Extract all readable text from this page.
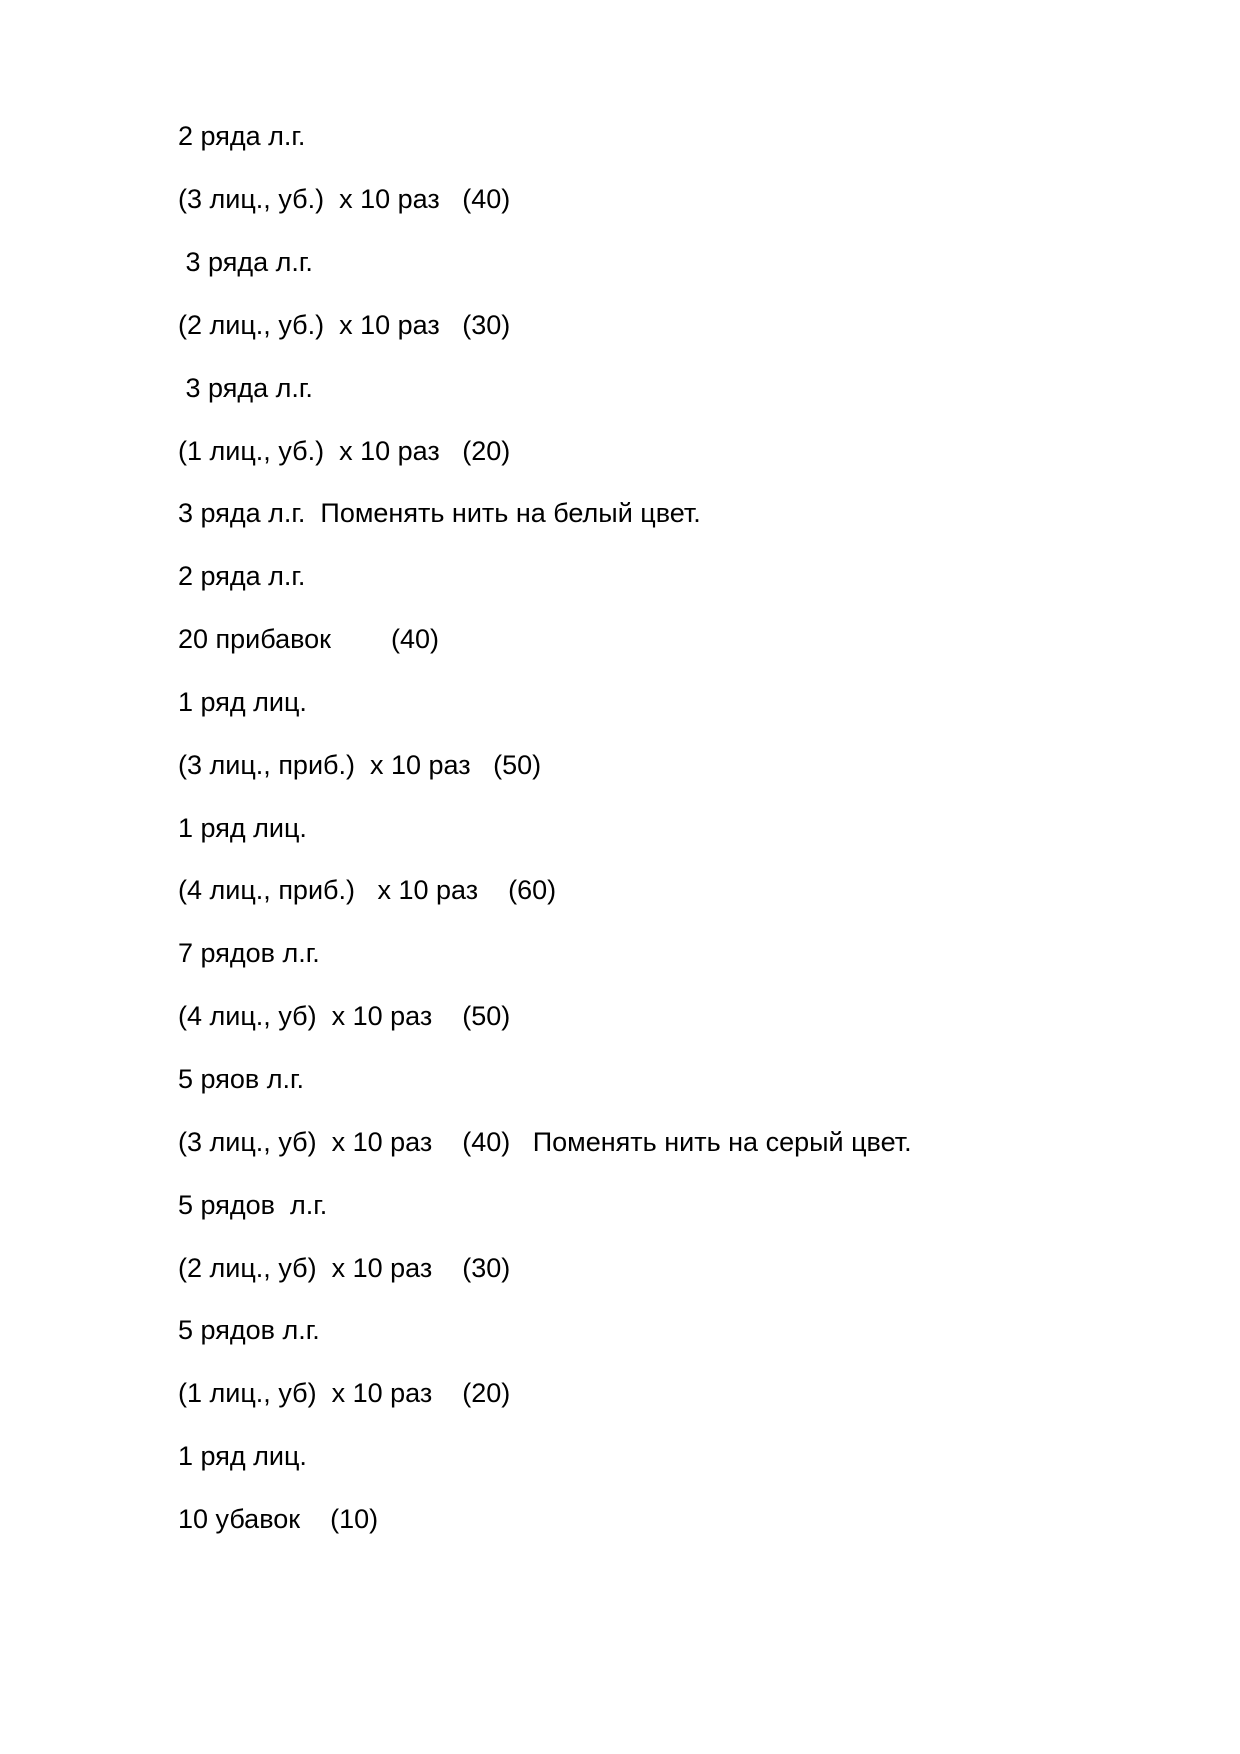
2 ряда л.г.
(3 лиц., уб.)  х 10 раз   (40)
3 ряда л.г.
(2 лиц., уб.)  х 10 раз   (30)
3 ряда л.г.
(1 лиц., уб.)  х 10 раз   (20)
3 ряда л.г.  Поменять нить на белый цвет.
2 ряда л.г.
20 прибавок        (40)
1 ряд лиц.
(3 лиц., приб.)  х 10 раз   (50)
1 ряд лиц.
(4 лиц., приб.)   х 10 раз    (60)
7 рядов л.г.
(4 лиц., уб)  х 10 раз    (50)
5 ряов л.г.
(3 лиц., уб)  х 10 раз    (40)   Поменять нить на серый цвет.
5 рядов  л.г.
(2 лиц., уб)  х 10 раз    (30)
5 рядов л.г.
(1 лиц., уб)  х 10 раз    (20)
1 ряд лиц.
10 убавок    (10)
